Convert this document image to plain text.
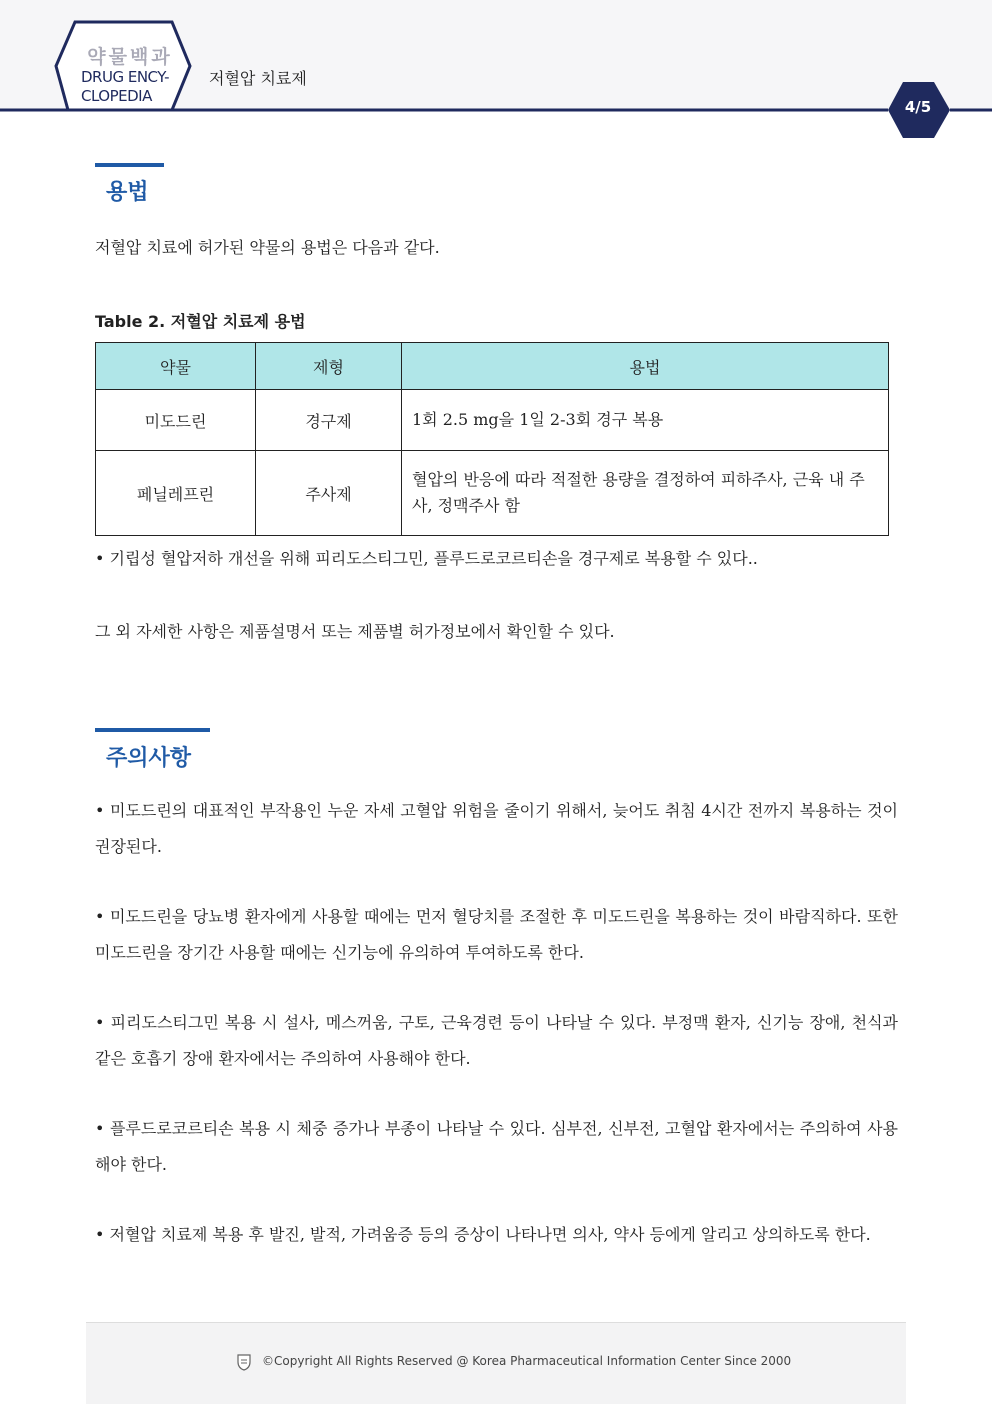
약물백과
DRUG ENCY-
CLOPEDIA
저혈압 치료제
4/5
용법
저혈압 치료에 허가된 약물의 용법은 다음과 같다.
Table 2. 저혈압 치료제 용법
약물	제형	용법
미도드린	경구제	1회 2.5 mg을 1일 2-3회 경구 복용
페닐레프린	주사제	혈압의 반응에 따라 적절한 용량을 결정하여 피하주사, 근육 내 주사, 정맥주사 함
• 기립성 혈압저하 개선을 위해 피리도스티그민, 플루드로코르티손을 경구제로 복용할 수 있다..
그 외 자세한 사항은 제품설명서 또는 제품별 허가정보에서 확인할 수 있다.
주의사항
• 미도드린의 대표적인 부작용인 누운 자세 고혈압 위험을 줄이기 위해서, 늦어도 취침 4시간 전까지 복용하는 것이 권장된다.
• 미도드린을 당뇨병 환자에게 사용할 때에는 먼저 혈당치를 조절한 후 미도드린을 복용하는 것이 바람직하다. 또한 미도드린을 장기간 사용할 때에는 신기능에 유의하여 투여하도록 한다.
• 피리도스티그민 복용 시 설사, 메스꺼움, 구토, 근육경련 등이 나타날 수 있다. 부정맥 환자, 신기능 장애, 천식과 같은 호흡기 장애 환자에서는 주의하여 사용해야 한다.
• 플루드로코르티손 복용 시 체중 증가나 부종이 나타날 수 있다. 심부전, 신부전, 고혈압 환자에서는 주의하여 사용해야 한다.
• 저혈압 치료제 복용 후 발진, 발적, 가려움증 등의 증상이 나타나면 의사, 약사 등에게 알리고 상의하도록 한다.
©Copyright All Rights Reserved @ Korea Pharmaceutical Information Center Since 2000
